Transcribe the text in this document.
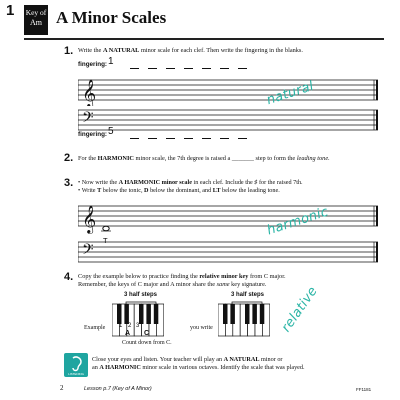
1 Key of
Am A Minor Scales
1. Write the A NATURAL minor scale for each clef. Then write the fingering in the blanks.
fingering: 1
𝄞	natural
𝄢
fingering: 5
2. For the HARMONIC minor scale, the 7th degree is raised a _______ step to form the leading tone.
3. • Now write the A HARMONIC minor scale in each clef. Include the ♯ for the raised 7th.
• Write T below the tonic, D below the dominant, and LT below the leading tone.
𝄞
T
harmonic
𝄢
4. Copy the example below to practice finding the relative minor key from C major.
Remember, the keys of C major and A minor share the same key signature.
3 half steps	3 half steps
Example 1 2 3
A C
Count down from C.
you write	relative
LISTENING
Close your eyes and listen. Your teacher will play an A NATURAL minor or
an A HARMONIC minor scale in various octaves. Identify the scale that was played.
2	Lesson p.7 (Key of A Minor)	FF1181
